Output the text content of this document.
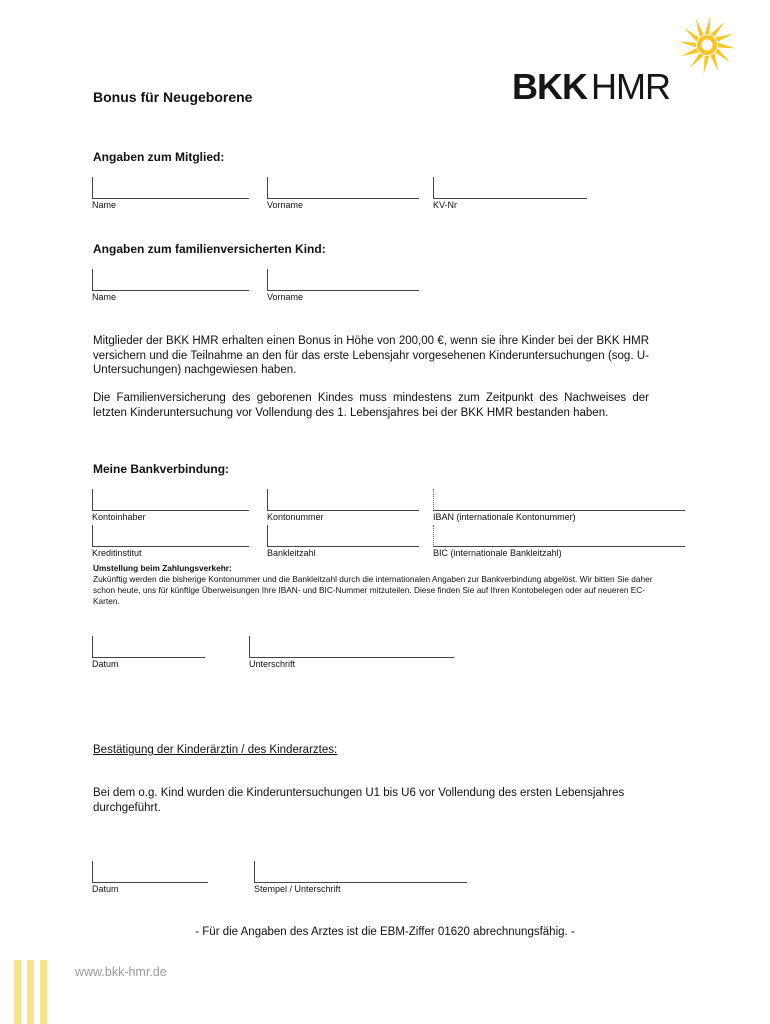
BKK HMR
Bonus für Neugeborene
Angaben zum Mitglied:
Name	Vorname	KV-Nr
Angaben zum familienversicherten Kind:
Name	Vorname
Mitglieder der BKK HMR erhalten einen Bonus in Höhe von 200,00 €, wenn sie ihre Kinder bei der BKK HMR versichern und die Teilnahme an den für das erste Lebensjahr vorgesehenen Kinderuntersuchungen (sog. U-Untersuchungen) nachgewiesen haben.
Die Familienversicherung des geborenen Kindes muss mindestens zum Zeitpunkt des Nachweises der letzten Kinderuntersuchung vor Vollendung des 1. Lebensjahres bei der BKK HMR bestanden haben.
Meine Bankverbindung:
Kontoinhaber	Kontonummer	IBAN (internationale Kontonummer)
Kreditinstitut	Bankleitzahl	BIC (internationale Bankleitzahl)
Umstellung beim Zahlungsverkehr:
Zukünftig werden die bisherige Kontonummer und die Bankleitzahl durch die internationalen Angaben zur Bankverbindung abgelöst. Wir bitten Sie daher schon heute, uns für künftige Überweisungen Ihre IBAN- und BIC-Nummer mitzuteilen. Diese finden Sie auf Ihren Kontobelegen oder auf neueren EC-Karten.
Datum	Unterschrift
Bestätigung der Kinderärztin / des Kinderarztes:
Bei dem o.g. Kind wurden die Kinderuntersuchungen U1 bis U6 vor Vollendung des ersten Lebensjahres durchgeführt.
Datum	Stempel / Unterschrift
- Für die Angaben des Arztes ist die EBM-Ziffer 01620 abrechnungsfähig. -
www.bkk-hmr.de
